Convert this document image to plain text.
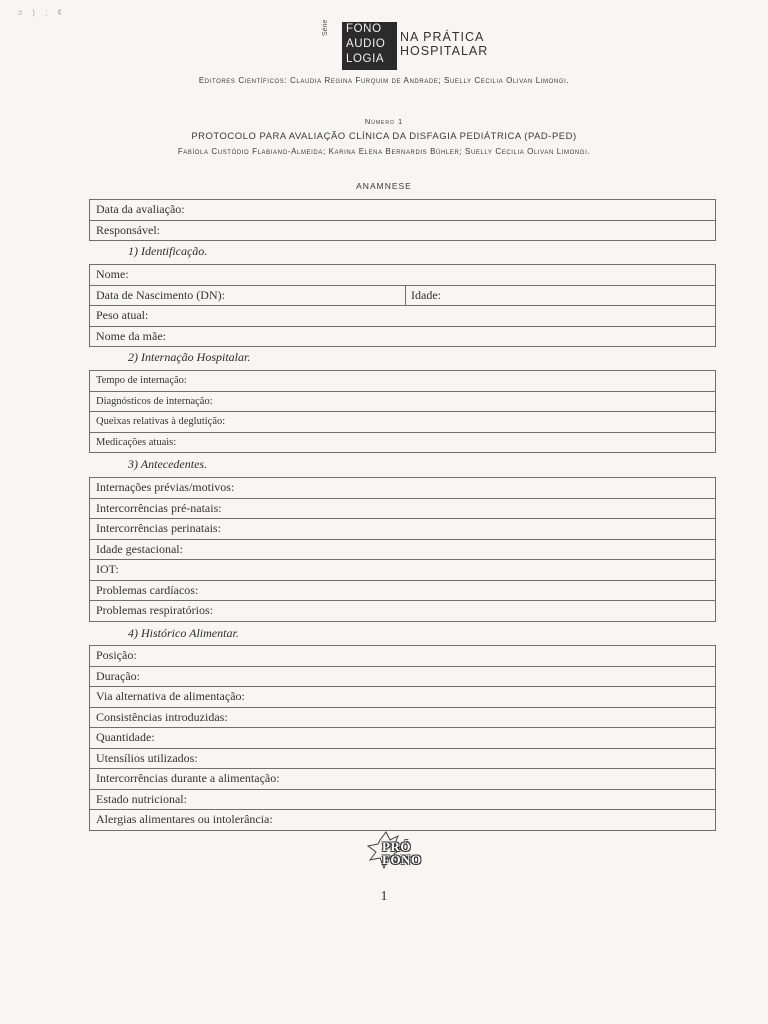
ɔ ) ; ¢
Série	FONO
AUDIO
LOGIA
NA PRÁTICA
HOSPITALAR
Editores Científicos: Claudia Regina Furquim de Andrade; Suelly Cecilia Olivan Limongi.
Número 1
PROTOCOLO PARA AVALIAÇÃO CLÍNICA DA DISFAGIA PEDIÁTRICA (PAD-PED)
Fabíola Custódio Flabiano-Almeida; Karina Elena Bernardis Bühler; Suelly Cecilia Olivan Limongi.
ANAMNESE
Data da avaliação:
Responsável:
1) Identificação.
Nome:
Data de Nascimento (DN):	Idade:
Peso atual:
Nome da mãe:
2) Internação Hospitalar.
Tempo de internação:
Diagnósticos de internação:
Queixas relativas à deglutição:
Medicações atuais:
3) Antecedentes.
Internações prévias/motivos:
Intercorrências pré-natais:
Intercorrências perinatais:
Idade gestacional:
IOT:
Problemas cardíacos:
Problemas respiratórios:
4) Histórico Alimentar.
Posição:
Duração:
Via alternativa de alimentação:
Consistências introduzidas:
Quantidade:
Utensílios utilizados:
Intercorrências durante a alimentação:
Estado nutricional:
Alergias alimentares ou intolerância:
PRÓ
FONO
1
